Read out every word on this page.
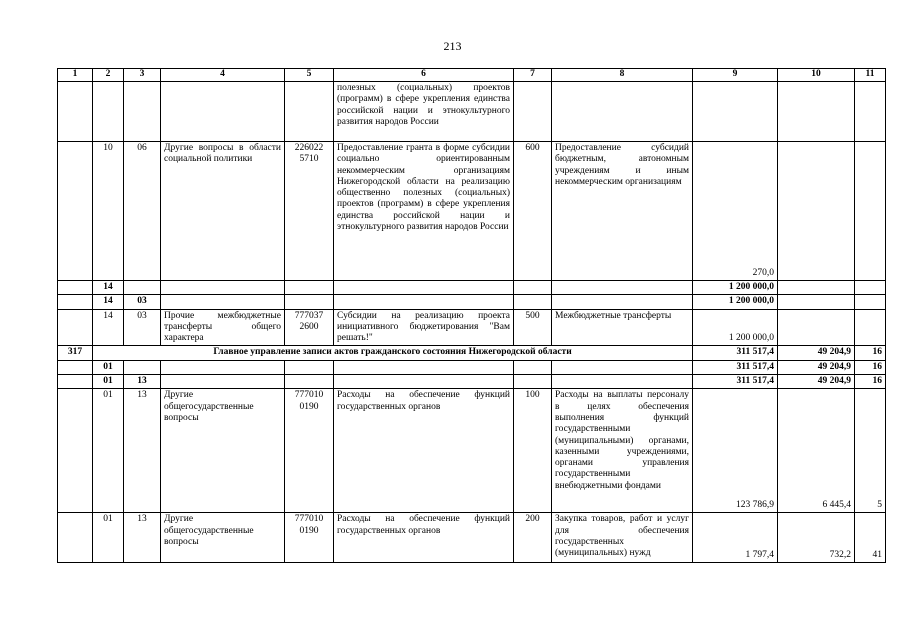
213
1	2	3	4	5	6	7	8	9	10	11
					полезных (социальных) проектов (программ) в сфере укрепления единства российской нации и этнокультурного развития народов России					
	10	06	Другие вопросы в области социальной политики	226022 5710	Предоставление гранта в форме субсидии социально ориентированным некоммерческим организациям Нижегородской области на реализацию общественно полезных (социальных) проектов (программ) в сфере укрепления единства российской нации и этнокультурного развития народов России	600	Предоставление субсидий бюджетным, автономным учреждениям и иным некоммерческим организациям	270,0		
	14							1 200 000,0		
	14	03						1 200 000,0		
	14	03	Прочие межбюджетные трансферты общего характера	777037 2600	Субсидии на реализацию проекта инициативного бюджетирования "Вам решать!"	500	Межбюджетные трансферты	1 200 000,0		
317	Главное управление записи актов гражданского состояния Нижегородской области							311 517,4	49 204,9	16
	01							311 517,4	49 204,9	16
	01	13						311 517,4	49 204,9	16
	01	13	Другие общегосударственные вопросы	777010 0190	Расходы на обеспечение функций государственных органов	100	Расходы на выплаты персоналу в целях обеспечения выполнения функций государственными (муниципальными) органами, казенными учреждениями, органами управления государственными внебюджетными фондами	123 786,9	6 445,4	5
	01	13	Другие общегосударственные вопросы	777010 0190	Расходы на обеспечение функций государственных органов	200	Закупка товаров, работ и услуг для обеспечения государственных (муниципальных) нужд	1 797,4	732,2	41
